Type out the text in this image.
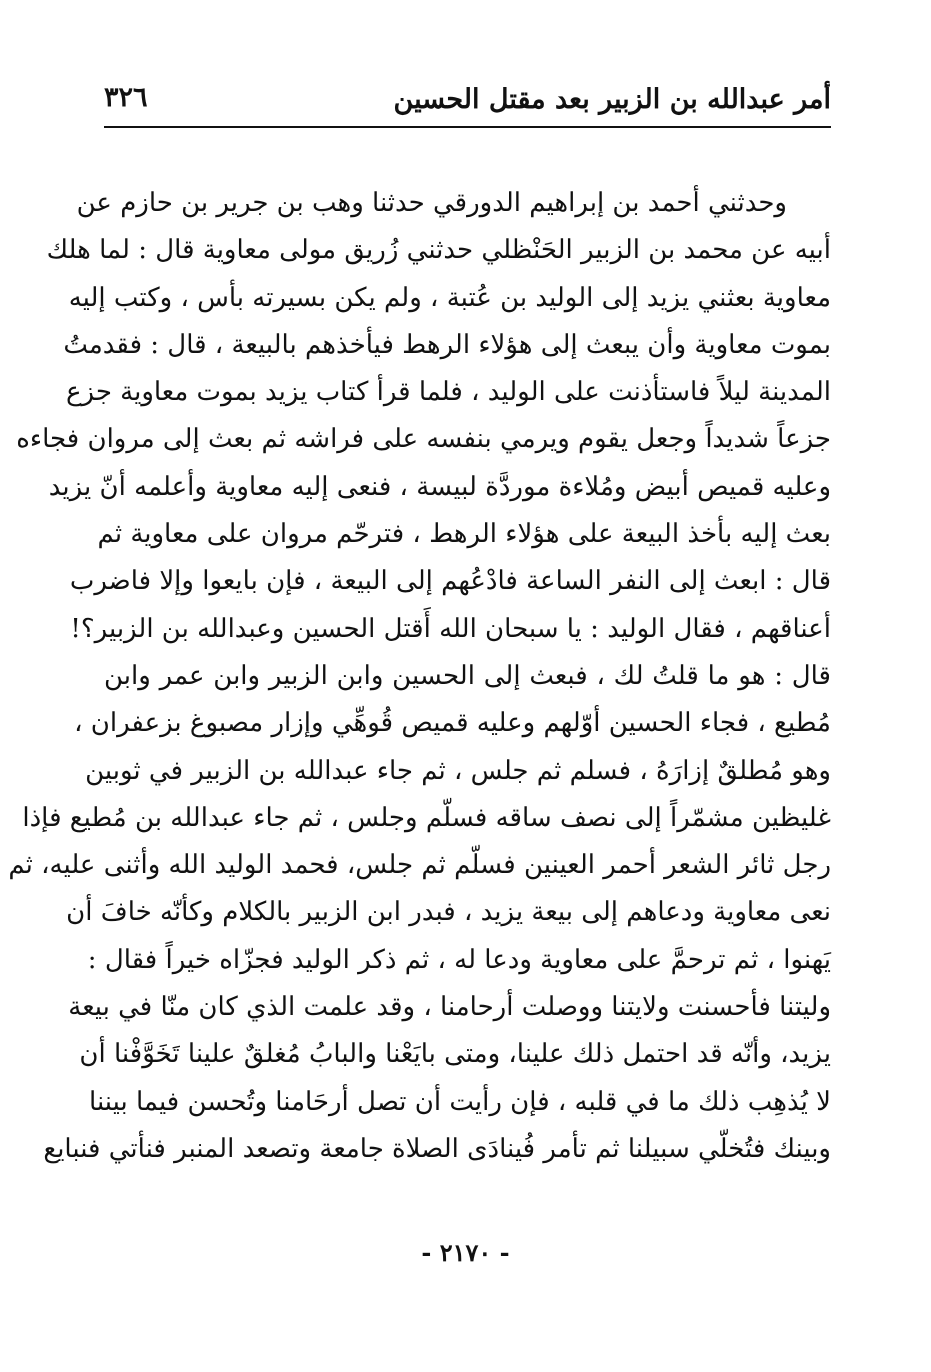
أمر عبدالله بن الزبير بعد مقتل الحسين
٣٢٦
وحدثني أحمد بن إبراهيم الدورقي حدثنا وهب بن جرير بن حازم عن
أبيه عن محمد بن الزبير الحَنْظلي حدثني زُريق مولى معاوية قال : لما هلك
معاوية بعثني يزيد إلى الوليد بن عُتبة ، ولم يكن بسيرته بأس ، وكتب إليه
بموت معاوية وأن يبعث إلى هؤلاء الرهط فيأخذهم بالبيعة ، قال : فقدمتُ
المدينة ليلاً فاستأذنت على الوليد ، فلما قرأ كتاب يزيد بموت معاوية جزع
جزعاً شديداً وجعل يقوم ويرمي بنفسه على فراشه ثم بعث إلى مروان فجاءه
وعليه قميص أبيض ومُلاءة موردَّة لبيسة ، فنعى إليه معاوية وأعلمه أنّ يزيد
بعث إليه بأخذ البيعة على هؤلاء الرهط ، فترحّم مروان على معاوية ثم
قال : ابعث إلى النفر الساعة فادْعُهم إلى البيعة ، فإن بايعوا وإلا فاضرب
أعناقهم ، فقال الوليد : يا سبحان الله أَقتل الحسين وعبدالله بن الزبير؟!
قال : هو ما قلتُ لك ، فبعث إلى الحسين وابن الزبير وابن عمر وابن
مُطيع ، فجاء الحسين أوّلهم وعليه قميص قُوهِّي وإزار مصبوغ بزعفران ،
وهو مُطلقٌ إزارَهُ ، فسلم ثم جلس ، ثم جاء عبدالله بن الزبير في ثوبين
غليظين مشمّراً إلى نصف ساقه فسلّم وجلس ، ثم جاء عبدالله بن مُطيع فإذا
رجل ثائر الشعر أحمر العينين فسلّم ثم جلس، فحمد الوليد الله وأثنى عليه، ثم
نعى معاوية ودعاهم إلى بيعة يزيد ، فبدر ابن الزبير بالكلام وكأنّه خافَ أن
يَهنوا ، ثم ترحمَّ على معاوية ودعا له ، ثم ذكر الوليد فجزّاه خيراً فقال :
وليتنا فأحسنت ولايتنا ووصلت أرحامنا ، وقد علمت الذي كان منّا في بيعة
يزيد، وأنّه قد احتمل ذلك علينا، ومتى بايَعْنا والبابُ مُغلقٌ علينا تَخَوَّفْنا أن
لا يُذهِب ذلك ما في قلبه ، فإن رأيت أن تصل أرحَامنا وتُحسن فيما بيننا
وبينك فتُخلّي سبيلنا ثم تأمر فُينادَى الصلاة جامعة وتصعد المنبر فنأتي فنبايع
- ٢١٧٠ -
